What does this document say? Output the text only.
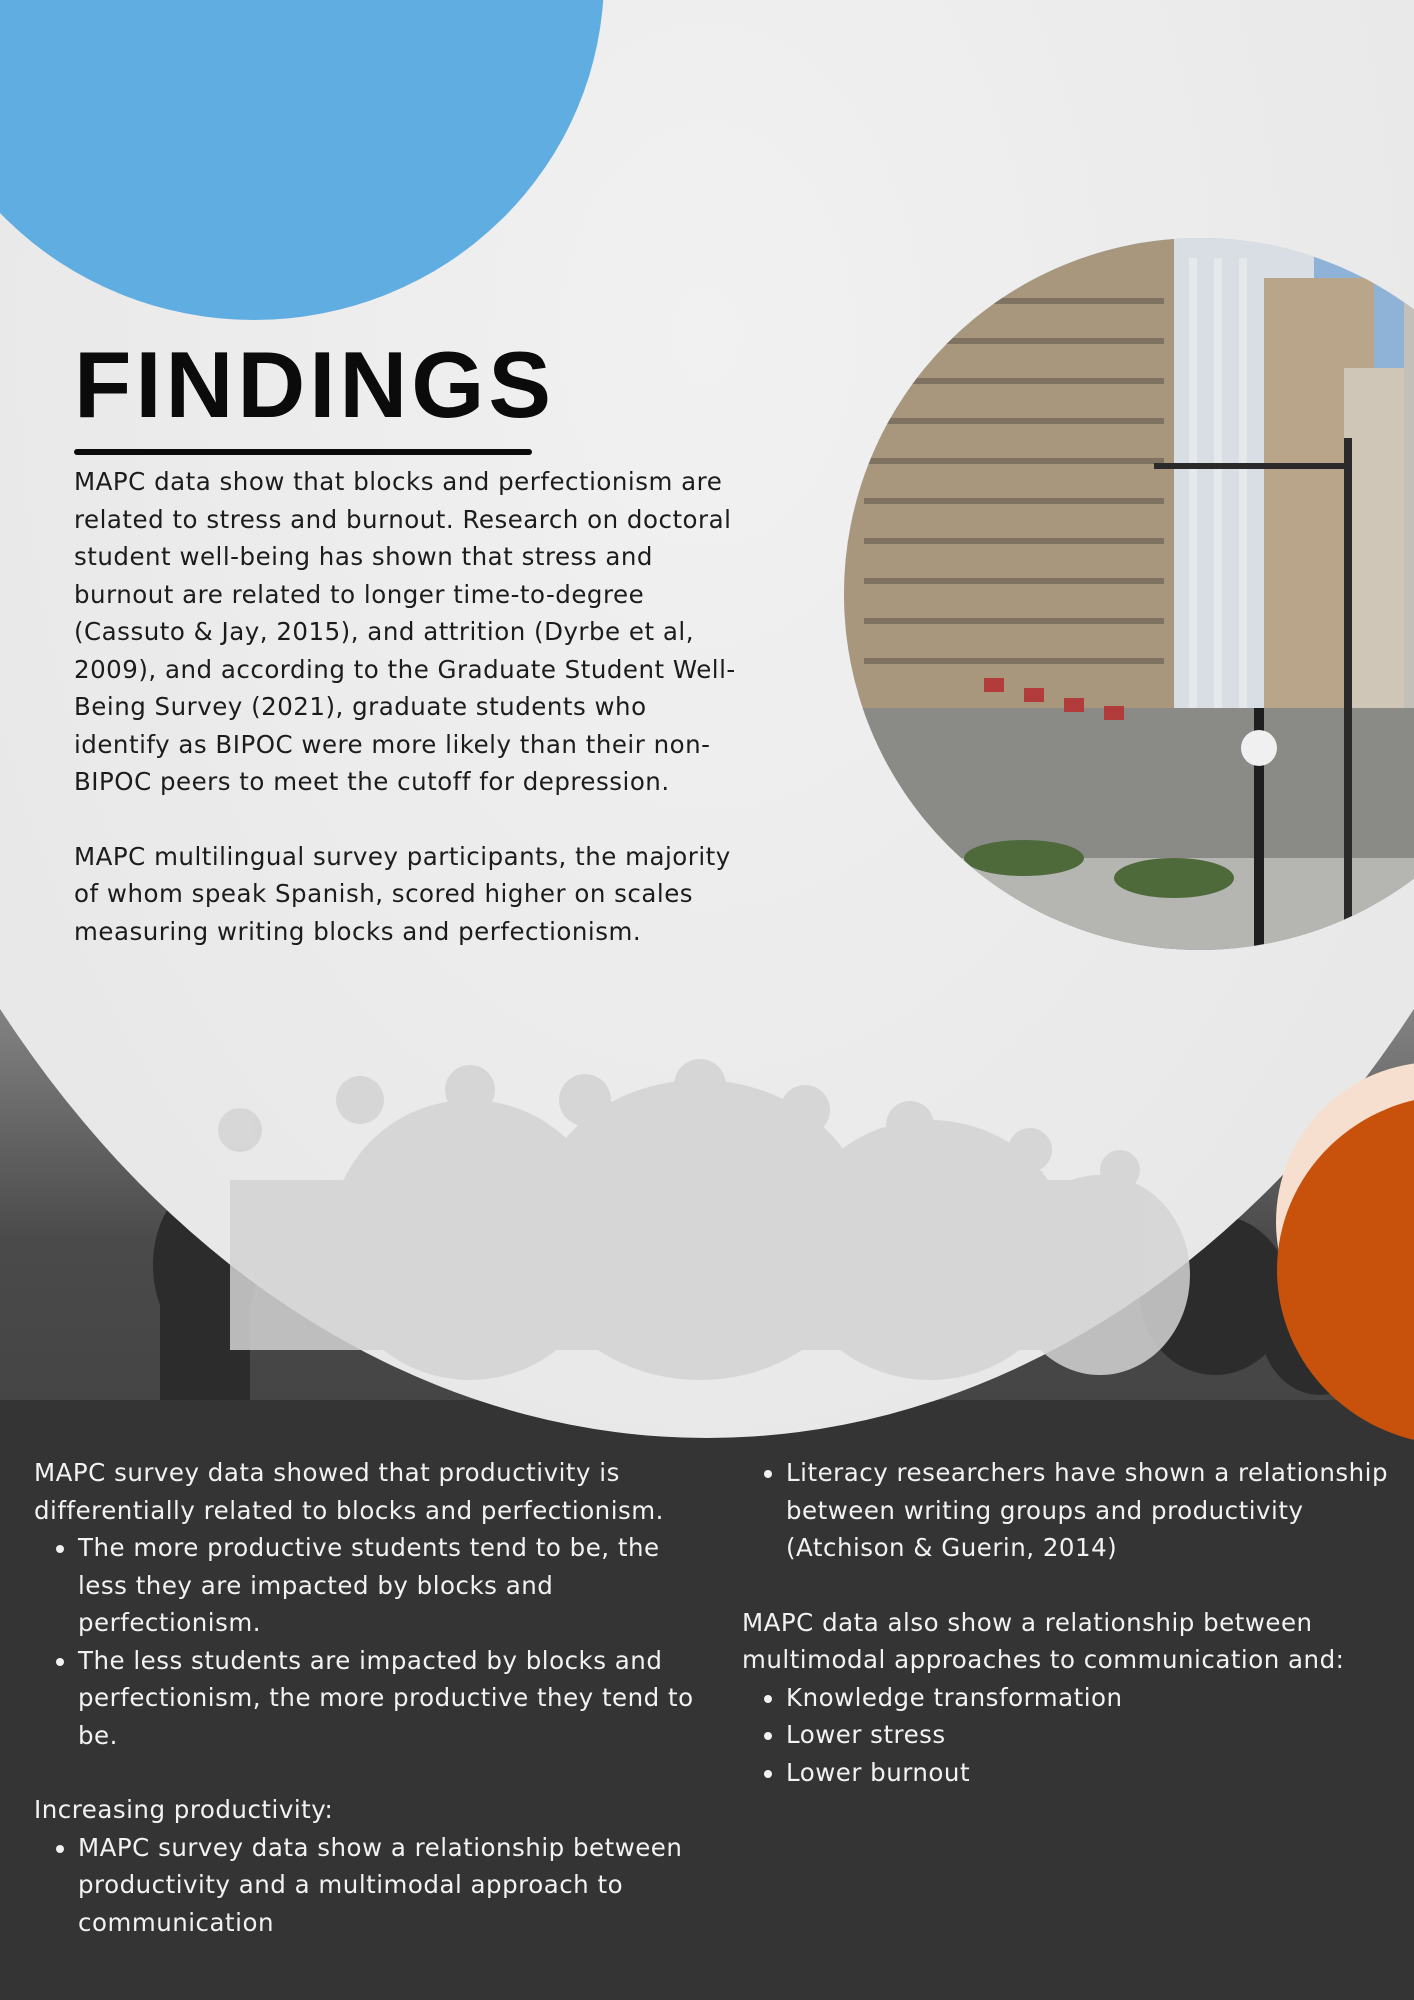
FINDINGS

MAPC data show that blocks and perfectionism are related to stress and burnout. Research on doctoral student well-being has shown that stress and burnout are related to longer time-to-degree (Cassuto & Jay, 2015), and attrition (Dyrbe et al, 2009), and according to the Graduate Student Well-Being Survey (2021), graduate students who identify as BIPOC were more likely than their non-BIPOC peers to meet the cutoff for depression.

MAPC multilingual survey participants, the majority of whom speak Spanish, scored higher on scales measuring writing blocks and perfectionism.

MAPC survey data showed that productivity is differentially related to blocks and perfectionism.

• The more productive students tend to be, the less they are impacted by blocks and perfectionism.
• The less students are impacted by blocks and perfectionism, the more productive they tend to be.

Increasing productivity:

• MAPC survey data show a relationship between productivity and a multimodal approach to communication
• Literacy researchers have shown a relationship between writing groups and productivity (Atchison & Guerin, 2014)

MAPC data also show a relationship between multimodal approaches to communication and:

• Knowledge transformation
• Lower stress
• Lower burnout
